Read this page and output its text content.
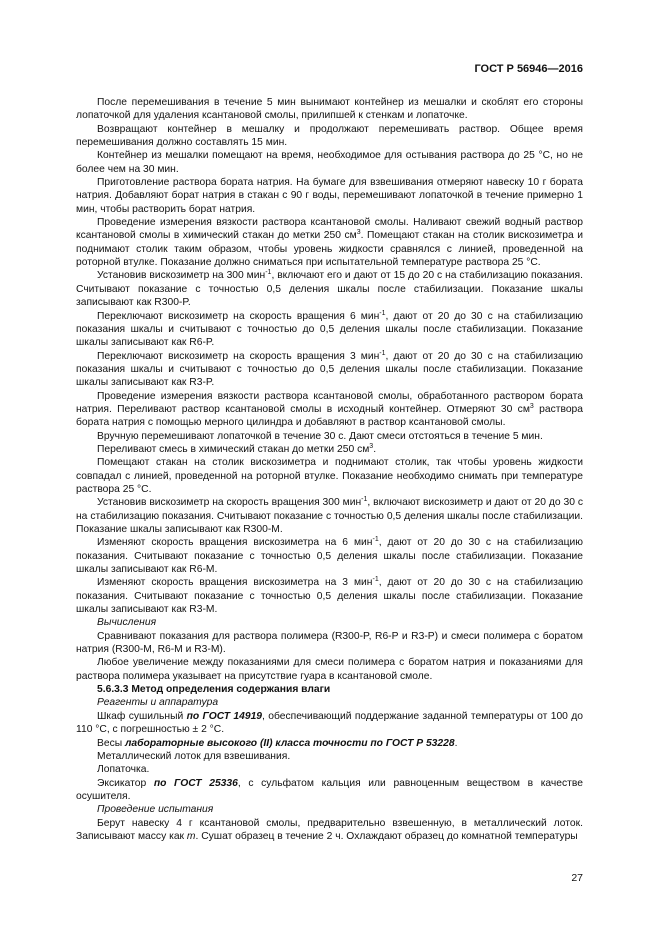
ГОСТ Р 56946—2016

После перемешивания в течение 5 мин вынимают контейнер из мешалки и скоблят его стороны лопаточкой для удаления ксантановой смолы, прилипшей к стенкам и лопаточке.

Возвращают контейнер в мешалку и продолжают перемешивать раствор. Общее время перемешивания должно составлять 15 мин.

Контейнер из мешалки помещают на время, необходимое для остывания раствора до 25 °С, но не более чем на 30 мин.

Приготовление раствора бората натрия. На бумаге для взвешивания отмеряют навеску 10 г бората натрия. Добавляют борат натрия в стакан с 90 г воды, перемешивают лопаточкой в течение примерно 1 мин, чтобы растворить борат натрия.

Проведение измерения вязкости раствора ксантановой смолы. Наливают свежий водный раствор ксантановой смолы в химический стакан до метки 250 $см^3$. Помещают стакан на столик вискозиметра и поднимают столик таким образом, чтобы уровень жидкости сравнялся с линией, проведенной на роторной втулке. Показание должно сниматься при испытательной температуре раствора 25 °С.

Установив вискозиметр на 300 мин$^{-1}$, включают его и дают от 15 до 20 с на стабилизацию показания. Считывают показание с точностью 0,5 деления шкалы после стабилизации. Показание шкалы записывают как R300-P.

Переключают вискозиметр на скорость вращения 6 мин$^{-1}$, дают от 20 до 30 с на стабилизацию показания шкалы и считывают с точностью до 0,5 деления шкалы после стабилизации. Показание шкалы записывают как R6-P.

Переключают вискозиметр на скорость вращения 3 мин$^{-1}$, дают от 20 до 30 с на стабилизацию показания шкалы и считывают с точностью до 0,5 деления шкалы после стабилизации. Показание шкалы записывают как R3-P.

Проведение измерения вязкости раствора ксантановой смолы, обработанного раствором бората натрия. Переливают раствор ксантановой смолы в исходный контейнер. Отмеряют 30 $см^3$ раствора бората натрия с помощью мерного цилиндра и добавляют в раствор ксантановой смолы.

Вручную перемешивают лопаточкой в течение 30 с. Дают смеси отстояться в течение 5 мин.

Переливают смесь в химический стакан до метки 250 $см^3$.

Помещают стакан на столик вискозиметра и поднимают столик, так чтобы уровень жидкости совпадал с линией, проведенной на роторной втулке. Показание необходимо снимать при температуре раствора 25 °С.

Установив вискозиметр на скорость вращения 300 мин$^{-1}$, включают вискозиметр и дают от 20 до 30 с на стабилизацию показания. Считывают показание с точностью 0,5 деления шкалы после стабилизации. Показание шкалы записывают как R300-M.

Изменяют скорость вращения вискозиметра на 6 мин$^{-1}$, дают от 20 до 30 с на стабилизацию показания. Считывают показание с точностью 0,5 деления шкалы после стабилизации. Показание шкалы записывают как R6-M.

Изменяют скорость вращения вискозиметра на 3 мин$^{-1}$, дают от 20 до 30 с на стабилизацию показания. Считывают показание с точностью 0,5 деления шкалы после стабилизации. Показание шкалы записывают как R3-M.

Вычисления

Сравнивают показания для раствора полимера (R300-P, R6-P и R3-P) и смеси полимера с боратом натрия (R300-M, R6-M и R3-M).

Любое увеличение между показаниями для смеси полимера с боратом натрия и показаниями для раствора полимера указывает на присутствие гуара в ксантановой смоле.

5.6.3.3 Метод определения содержания влаги

Реагенты и аппаратура

Шкаф сушильный по ГОСТ 14919, обеспечивающий поддержание заданной температуры от 100 до 110 °С, с погрешностью ± 2 °С.

Весы лабораторные высокого (II) класса точности по ГОСТ Р 53228.

Металлический лоток для взвешивания.

Лопаточка.

Эксикатор по ГОСТ 25336, с сульфатом кальция или равноценным веществом в качестве осушителя.

Проведение испытания

Берут навеску 4 г ксантановой смолы, предварительно взвешенную, в металлический лоток. Записывают массу как т. Сушат образец в течение 2 ч. Охлаждают образец до комнатной температуры

27
